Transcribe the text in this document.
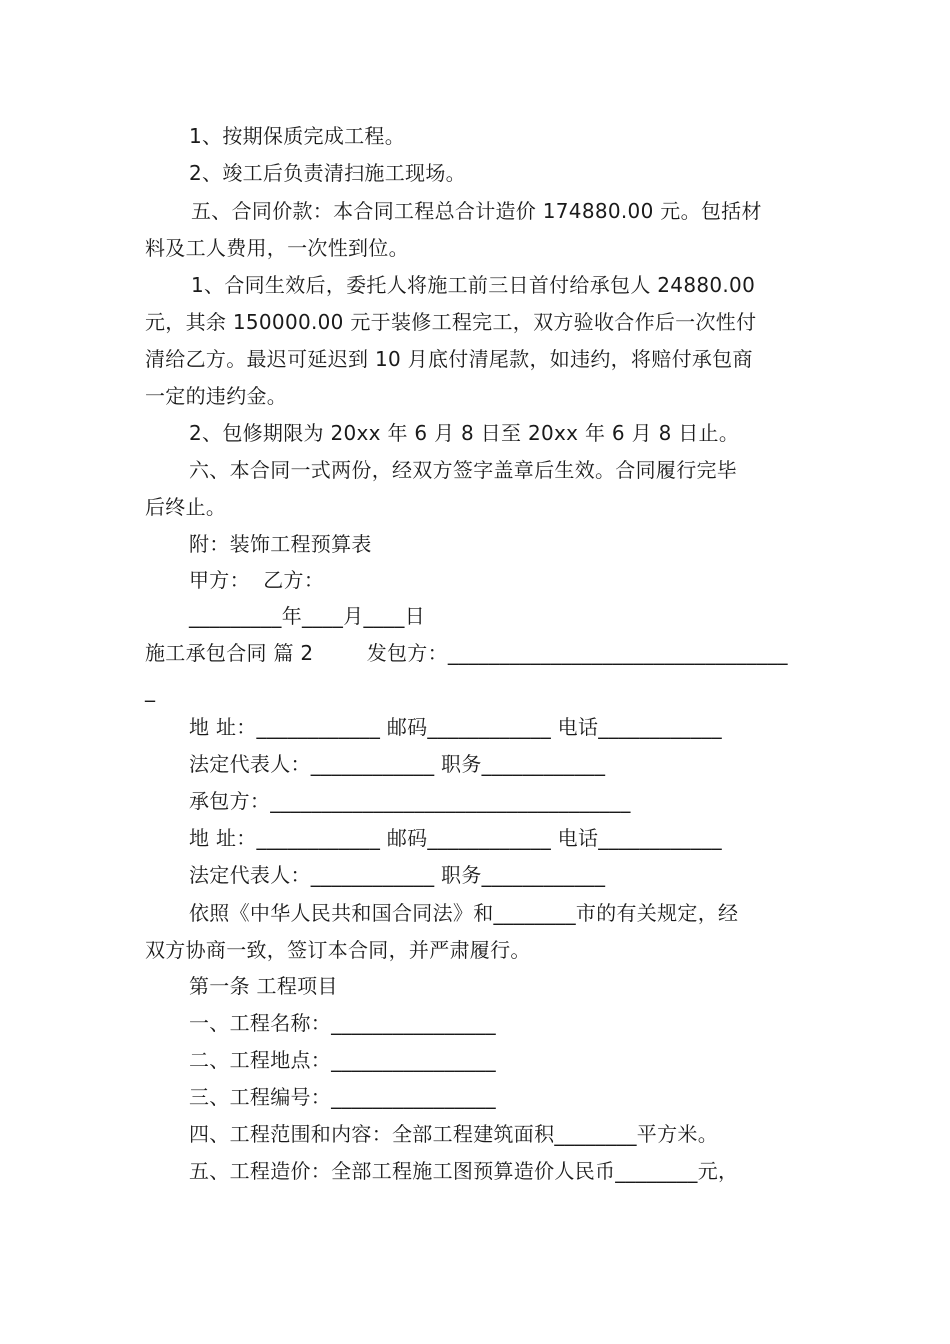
1、按期保质完成工程。
2、竣工后负责清扫施工现场。
五、合同价款：本合同工程总合计造价 174880.00 元。包括材
料及工人费用，一次性到位。
1、合同生效后，委托人将施工前三日首付给承包人 24880.00
元，其余 150000.00 元于装修工程完工，双方验收合作后一次性付
清给乙方。最迟可延迟到 10 月底付清尾款，如违约，将赔付承包商
一定的违约金。
2、包修期限为 20xx 年 6 月 8 日至 20xx 年 6 月 8 日止。
六、本合同一式两份，经双方签字盖章后生效。合同履行完毕
后终止。
附：装饰工程预算表
甲方：  乙方：
_________年____月____日
施工承包合同 篇 2        发包方：_________________________________
_
地 址：____________ 邮码____________ 电话____________
法定代表人：____________ 职务____________
承包方：___________________________________
地 址：____________ 邮码____________ 电话____________
法定代表人：____________ 职务____________
依照《中华人民共和国合同法》和________市的有关规定，经
双方协商一致，签订本合同，并严肃履行。
第一条 工程项目
一、工程名称：________________
二、工程地点：________________
三、工程编号：________________
四、工程范围和内容：全部工程建筑面积________平方米。
五、工程造价：全部工程施工图预算造价人民币________元，
